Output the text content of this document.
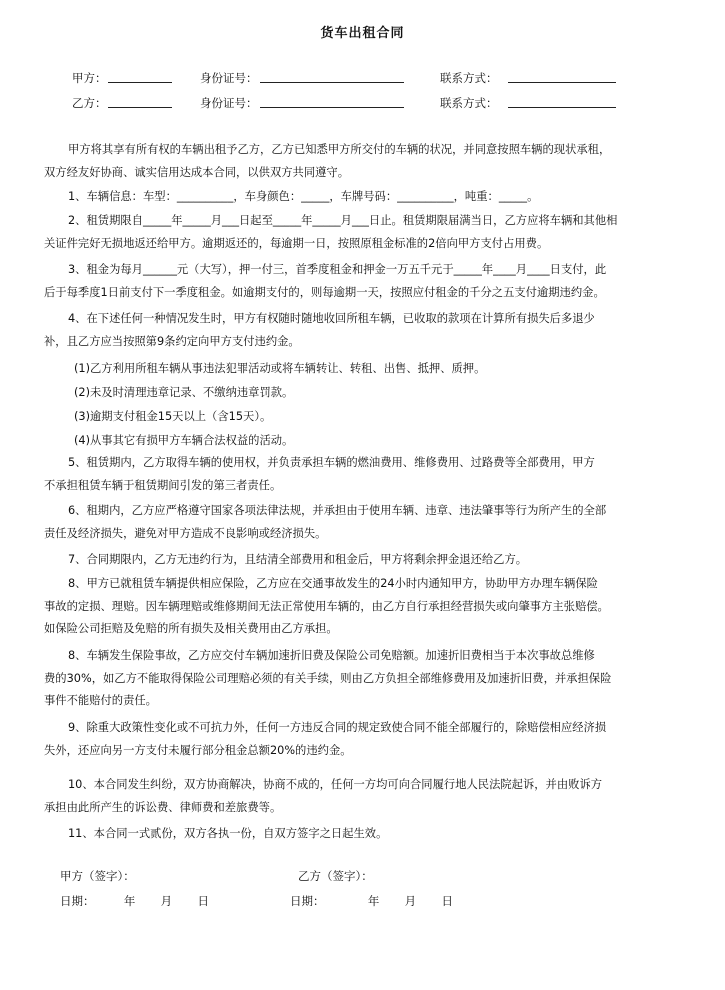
货车出租合同
甲方：	身份证号：	联系方式：
乙方：	身份证号：	联系方式：
甲方将其享有所有权的车辆出租予乙方，乙方已知悉甲方所交付的车辆的状况，并同意按照车辆的现状承租，
双方经友好协商、诚实信用达成本合同，以供双方共同遵守。
1、车辆信息：车型：__________，车身颜色：_____，车牌号码：__________，吨重：_____。
2、租赁期限自_____年_____月___日起至_____年_____月___日止。租赁期限届满当日，乙方应将车辆和其他相
关证件完好无损地返还给甲方。逾期返还的，每逾期一日，按照原租金标准的2倍向甲方支付占用费。
3、租金为每月______元（大写），押一付三，首季度租金和押金一万五千元于_____年____月____日支付，此
后于每季度1日前支付下一季度租金。如逾期支付的，则每逾期一天，按照应付租金的千分之五支付逾期违约金。
4、在下述任何一种情况发生时，甲方有权随时随地收回所租车辆，已收取的款项在计算所有损失后多退少
补，且乙方应当按照第9条约定向甲方支付违约金。
(1)乙方利用所租车辆从事违法犯罪活动或将车辆转让、转租、出售、抵押、质押。
(2)未及时清理违章记录、不缴纳违章罚款。
(3)逾期支付租金15天以上（含15天）。
(4)从事其它有损甲方车辆合法权益的活动。
5、租赁期内，乙方取得车辆的使用权，并负责承担车辆的燃油费用、维修费用、过路费等全部费用，甲方
不承担租赁车辆于租赁期间引发的第三者责任。
6、租期内，乙方应严格遵守国家各项法律法规，并承担由于使用车辆、违章、违法肇事等行为所产生的全部
责任及经济损失，避免对甲方造成不良影响或经济损失。
7、合同期限内，乙方无违约行为，且结清全部费用和租金后，甲方将剩余押金退还给乙方。
8、甲方已就租赁车辆提供相应保险，乙方应在交通事故发生的24小时内通知甲方，协助甲方办理车辆保险
事故的定损、理赔。因车辆理赔或维修期间无法正常使用车辆的，由乙方自行承担经营损失或向肇事方主张赔偿。
如保险公司拒赔及免赔的所有损失及相关费用由乙方承担。
8、车辆发生保险事故，乙方应交付车辆加速折旧费及保险公司免赔额。加速折旧费相当于本次事故总维修
费的30%，如乙方不能取得保险公司理赔必须的有关手续，则由乙方负担全部维修费用及加速折旧费，并承担保险
事件不能赔付的责任。
9、除重大政策性变化或不可抗力外，任何一方违反合同的规定致使合同不能全部履行的，除赔偿相应经济损
失外，还应向另一方支付未履行部分租金总额20%的违约金。
10、本合同发生纠纷，双方协商解决，协商不成的，任何一方均可向合同履行地人民法院起诉，并由败诉方
承担由此所产生的诉讼费、律师费和差旅费等。
11、本合同一式贰份，双方各执一份，自双方签字之日起生效。
甲方（签字）：	乙方（签字）：
日期：	年 月 日	日期：	年 月 日
